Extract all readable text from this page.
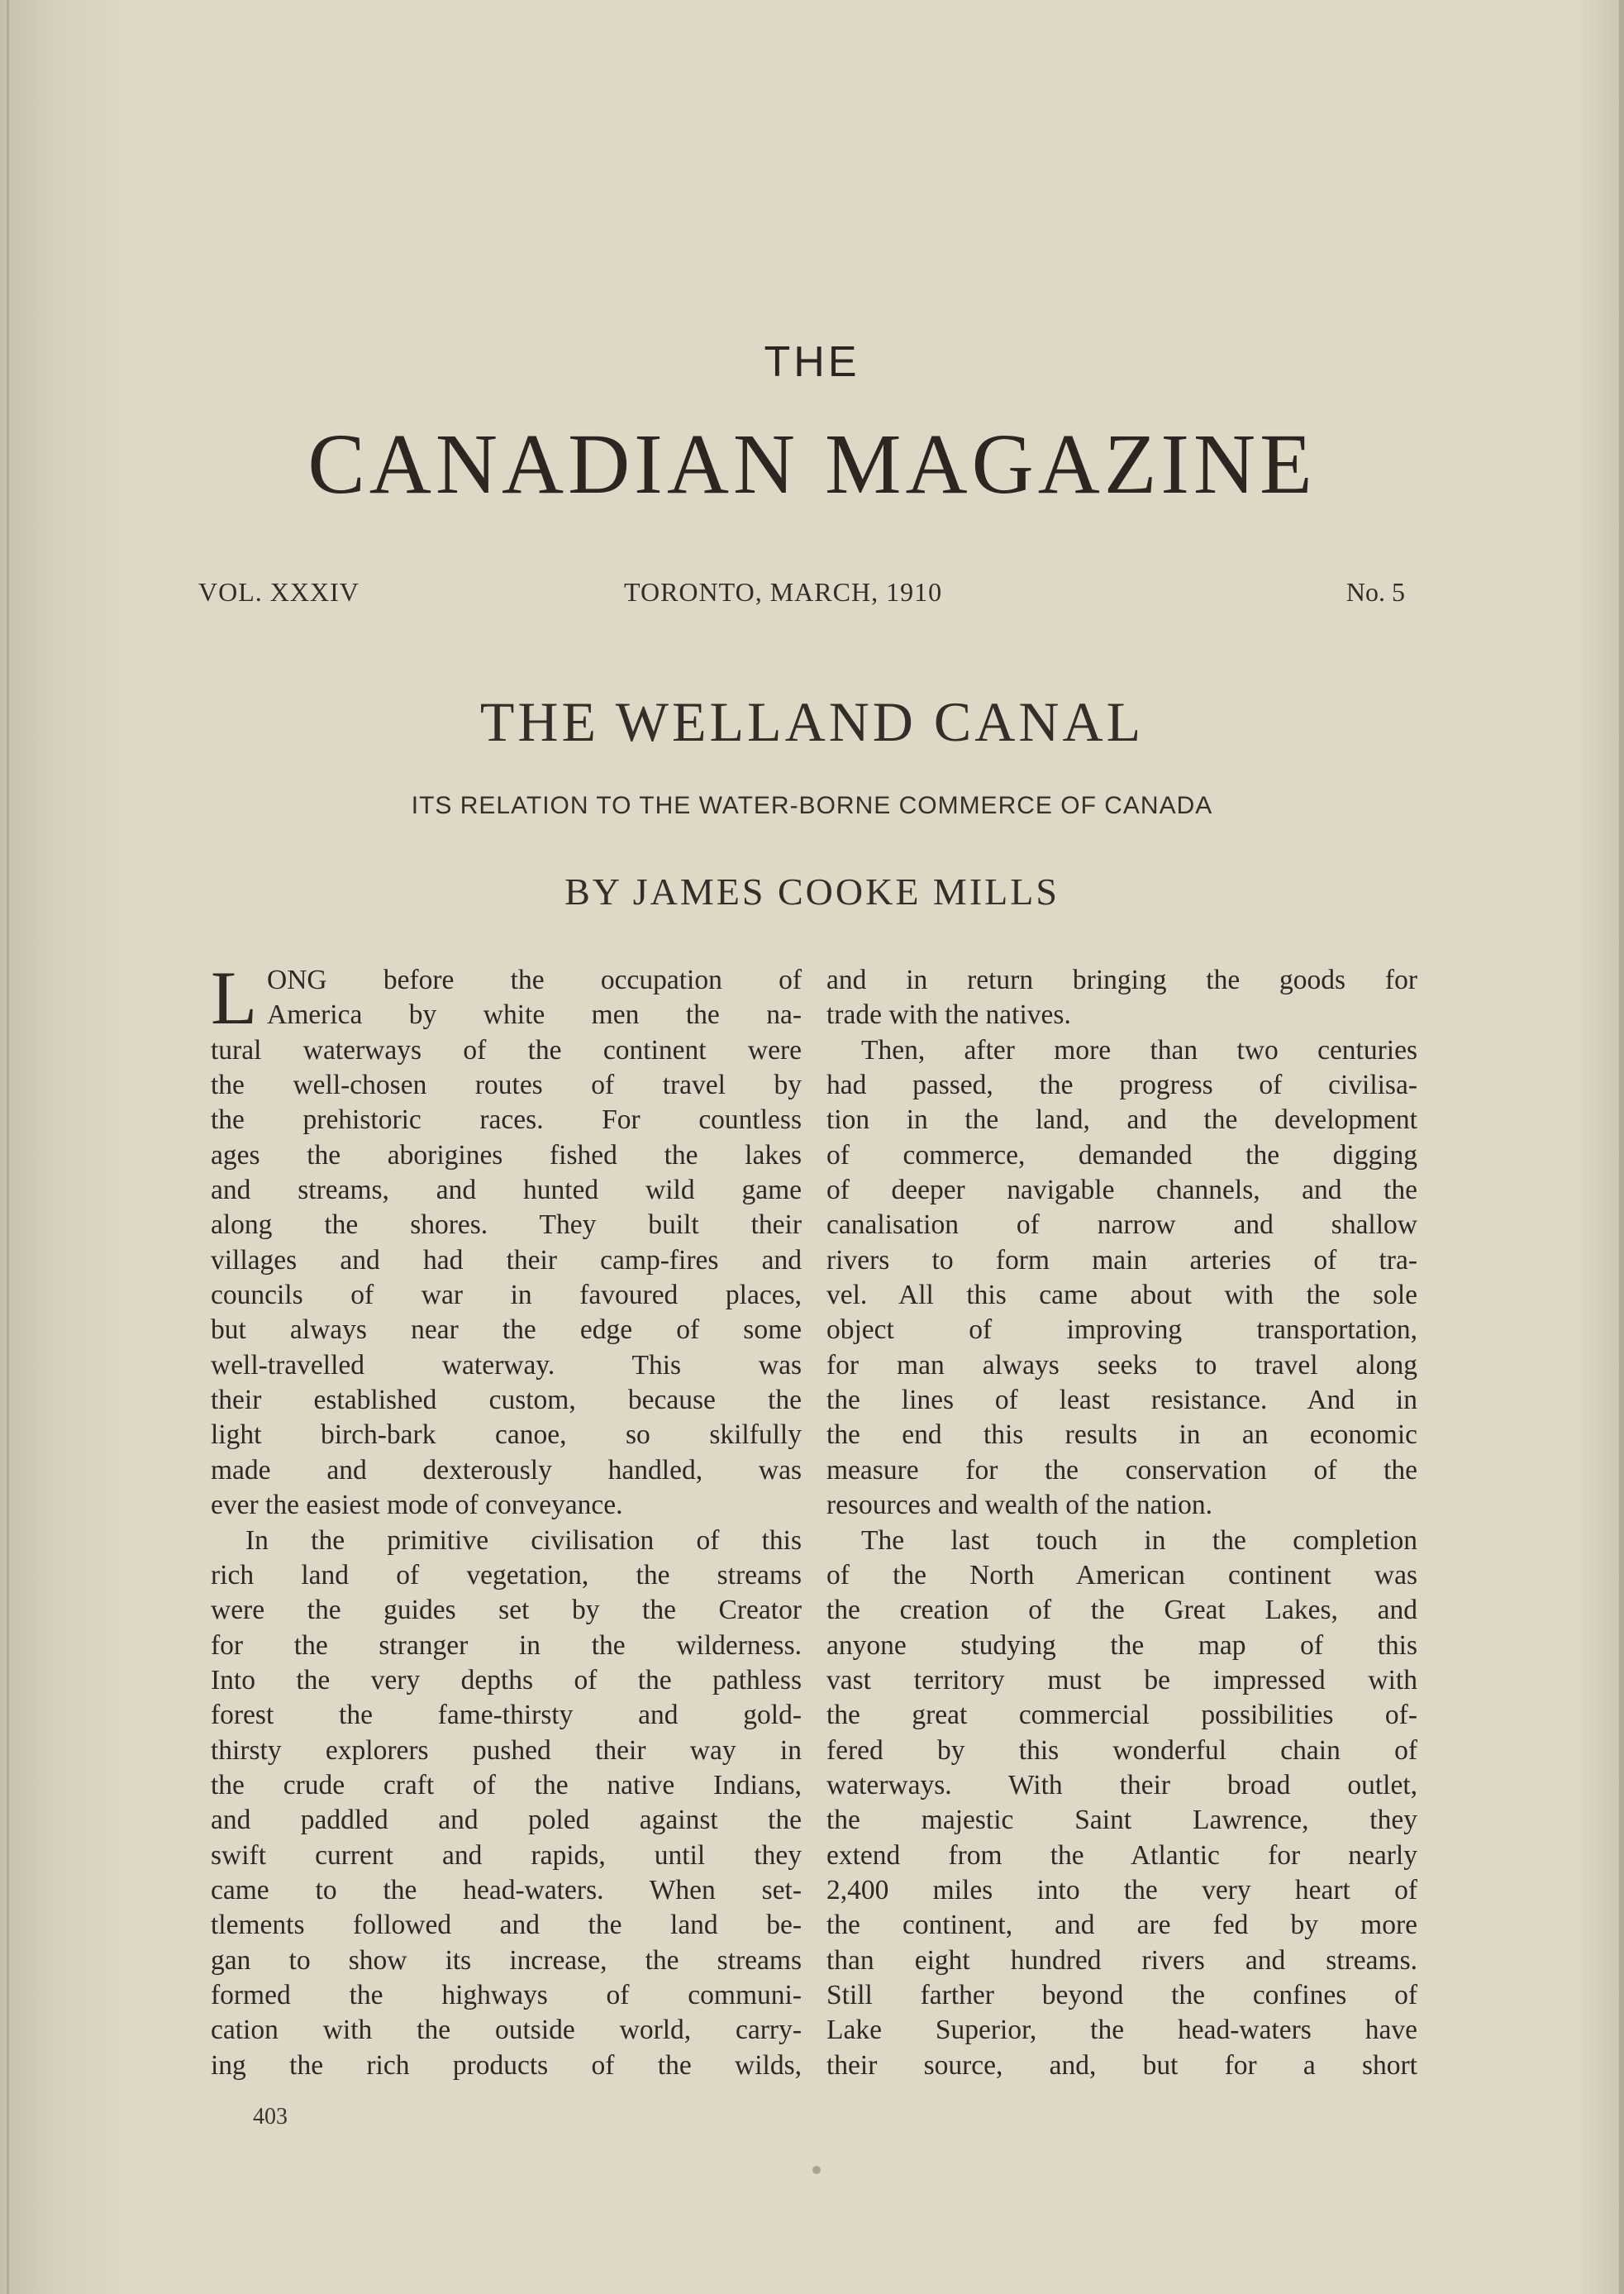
THE
CANADIAN MAGAZINE
VOL. XXXIV	TORONTO, MARCH, 1910	No. 5
THE WELLAND CANAL
ITS RELATION TO THE WATER-BORNE COMMERCE OF CANADA
BY JAMES COOKE MILLS
L ONG before the occupation of
America by white men the na-
tural waterways of the continent were
the well-chosen routes of travel by
the prehistoric races. For countless
ages the aborigines fished the lakes
and streams, and hunted wild game
along the shores. They built their
villages and had their camp-fires and
councils of war in favoured places,
but always near the edge of some
well-travelled waterway. This was
their established custom, because the
light birch-bark canoe, so skilfully
made and dexterously handled, was
ever the easiest mode of conveyance.
In the primitive civilisation of this
rich land of vegetation, the streams
were the guides set by the Creator
for the stranger in the wilderness.
Into the very depths of the pathless
forest the fame-thirsty and gold-
thirsty explorers pushed their way in
the crude craft of the native Indians,
and paddled and poled against the
swift current and rapids, until they
came to the head-waters. When set-
tlements followed and the land be-
gan to show its increase, the streams
formed the highways of communi-
cation with the outside world, carry-
ing the rich products of the wilds,
and in return bringing the goods for
trade with the natives.
Then, after more than two centuries
had passed, the progress of civilisa-
tion in the land, and the development
of commerce, demanded the digging
of deeper navigable channels, and the
canalisation of narrow and shallow
rivers to form main arteries of tra-
vel. All this came about with the sole
object of improving transportation,
for man always seeks to travel along
the lines of least resistance. And in
the end this results in an economic
measure for the conservation of the
resources and wealth of the nation.
The last touch in the completion
of the North American continent was
the creation of the Great Lakes, and
anyone studying the map of this
vast territory must be impressed with
the great commercial possibilities of-
fered by this wonderful chain of
waterways. With their broad outlet,
the majestic Saint Lawrence, they
extend from the Atlantic for nearly
2,400 miles into the very heart of
the continent, and are fed by more
than eight hundred rivers and streams.
Still farther beyond the confines of
Lake Superior, the head-waters have
their source, and, but for a short
403
